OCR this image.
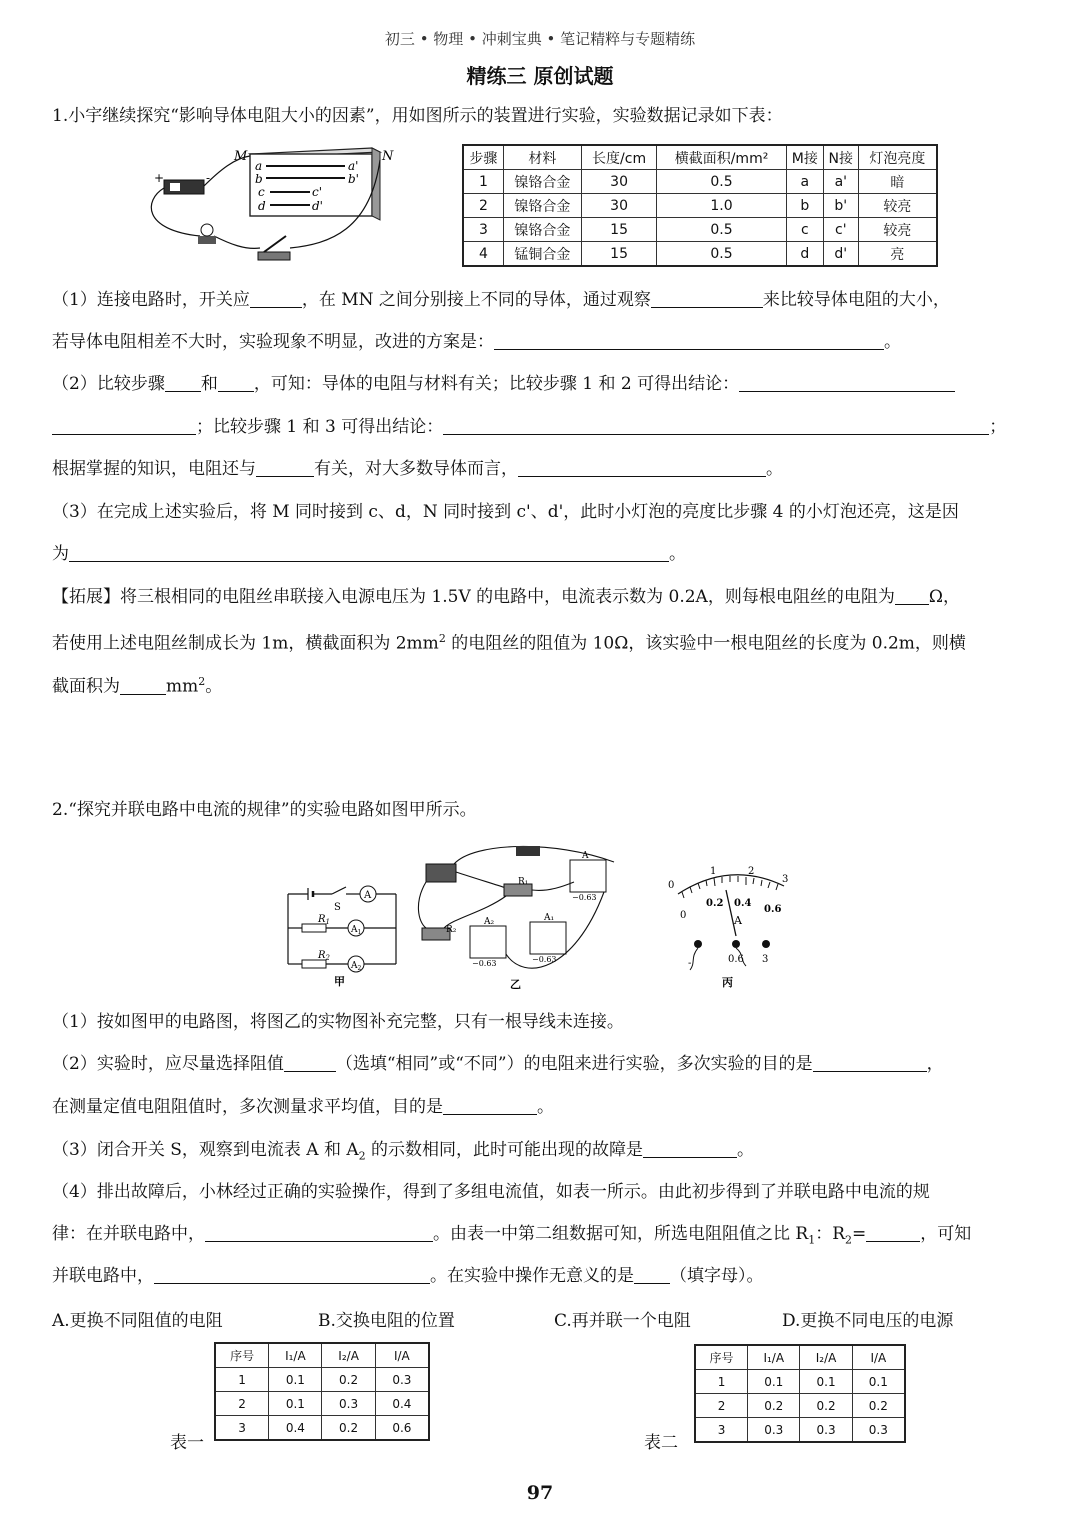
初三 • 物理 • 冲刺宝典 • 笔记精粹与专题精练
精练三 原创试题
1.小宇继续探究“影响导体电阻大小的因素”，用如图所示的装置进行实验，实验数据记录如下表：
a	a'
b	b'
c	c'
d	d'
M	N
+	-
步骤	材料	长度/cm	横截面积/mm²	M接	N接	灯泡亮度
1	镍铬合金	30	0.5	a	a'	暗
2	镍铬合金	30	1.0	b	b'	较亮
3	镍铬合金	15	0.5	c	c'	较亮
4	锰铜合金	15	0.5	d	d'	亮
（1）连接电路时，开关应	，在 MN 之间分别接上不同的导体，通过观察	来比较导体电阻的大小，
若导体电阻相差不大时，实验现象不明显，改进的方案是：	。
（2）比较步骤 和 ，可知：导体的电阻与材料有关；比较步骤 1 和 2 可得出结论：
；比较步骤 1 和 3 可得出结论：	；
根据掌握的知识，电阻还与	有关，对大多数导体而言，	。
（3）在完成上述实验后，将 M 同时接到 c、d，N 同时接到 c'、d'，此时小灯泡的亮度比步骤 4 的小灯泡还亮，这是因
为	。
【拓展】将三根相同的电阻丝串联接入电源电压为 1.5V 的电路中，电流表示数为 0.2A，则每根电阻丝的电阻为 Ω，
若使用上述电阻丝制成长为 1m，横截面积为 $2mm^2$ 的电阻丝的阻值为 10Ω，该实验中一根电阻丝的长度为 0.2m，则横
截面积为	$mm^2$。
2.“探究并联电路中电流的规律”的实验电路如图甲所示。
A
S
$R_1$
$A_1$
$R_2$
$A_2$
甲
R₁
A
−0.63
R₂
A₂
−0.63
A₁
−0.63
乙
0
1	2
3
0
0.2 0.4
0.6
A
-	0.6 3
丙
（1）按如图甲的电路图，将图乙的实物图补充完整，只有一根导线未连接。
（2）实验时，应尽量选择阻值	（选填“相同”或“不同”）的电阻来进行实验，多次实验的目的是	，
在测量定值电阻阻值时，多次测量求平均值，目的是	。
（3）闭合开关 S，观察到电流表 A 和 $A_2$ 的示数相同，此时可能出现的故障是	。
（4）排出故障后，小林经过正确的实验操作，得到了多组电流值，如表一所示。由此初步得到了并联电路中电流的规
律：在并联电路中，	。由表一中第二组数据可知，所选电阻阻值之比 $R_1$：$R_2=$	，可知
并联电路中，	。在实验中操作无意义的是 （填字母）。
A.更换不同阻值的电阻	B.交换电阻的位置	C.再并联一个电阻	D.更换不同电压的电源
序号	I₁/A	I₂/A	I/A
1	0.1	0.2	0.3
2	0.1	0.3	0.4
3	0.4	0.2	0.6
表一
序号	I₁/A	I₂/A	I/A
1	0.1	0.1	0.1
2	0.2	0.2	0.2
3	0.3	0.3	0.3
表二
97
